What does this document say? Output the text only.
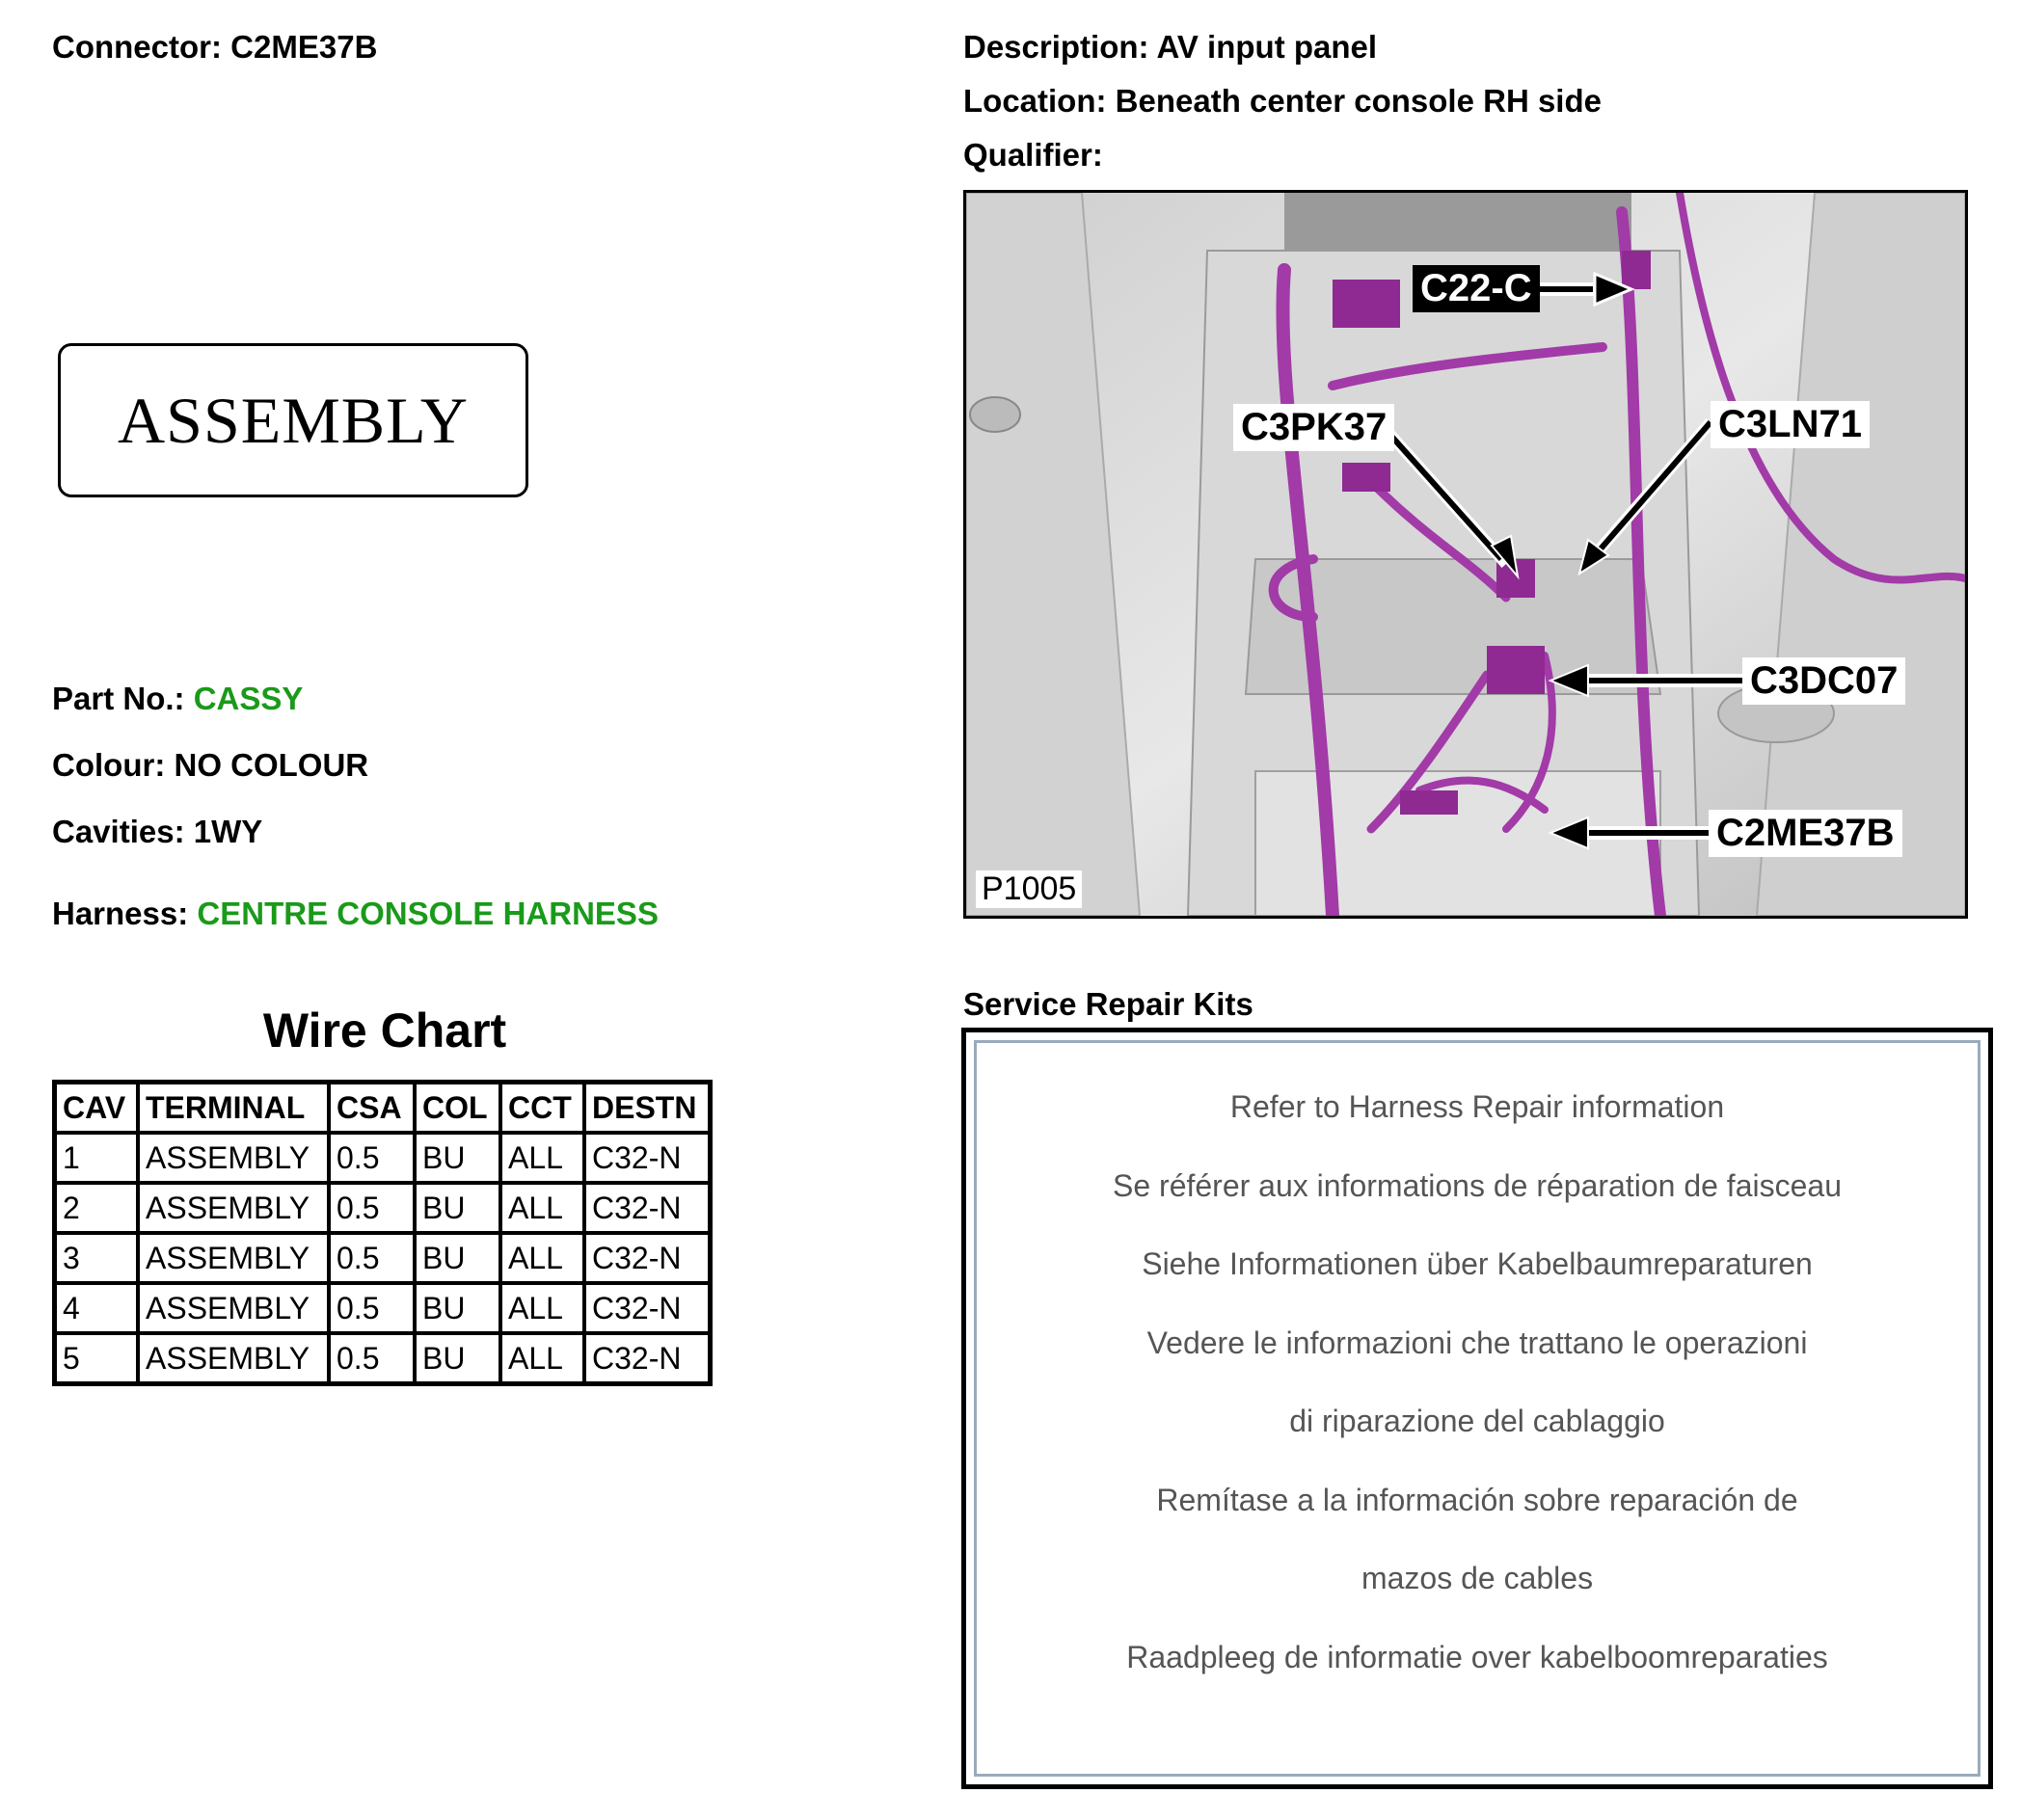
Connector: C2ME37B	Description: AV input panel
Location: Beneath center console RH side
Qualifier:
ASSEMBLY
Part No.: CASSY
Colour: NO COLOUR
Cavities: 1WY
Harness: CENTRE CONSOLE HARNESS
Wire Chart
CAV	TERMINAL	CSA	COL	CCT	DESTN
1	ASSEMBLY	0.5	BU	ALL	C32-N
2	ASSEMBLY	0.5	BU	ALL	C32-N
3	ASSEMBLY	0.5	BU	ALL	C32-N
4	ASSEMBLY	0.5	BU	ALL	C32-N
5	ASSEMBLY	0.5	BU	ALL	C32-N
C22-C
C3PK37	C3LN71
C3DC07
C2ME37B
P1005
Service Repair Kits

Refer to Harness Repair information

Se référer aux informations de réparation de faisceau

Siehe Informationen über Kabelbaumreparaturen

Vedere le informazioni che trattano le operazioni

di riparazione del cablaggio

Remítase a la información sobre reparación de

mazos de cables

Raadpleeg de informatie over kabelboomreparaties
